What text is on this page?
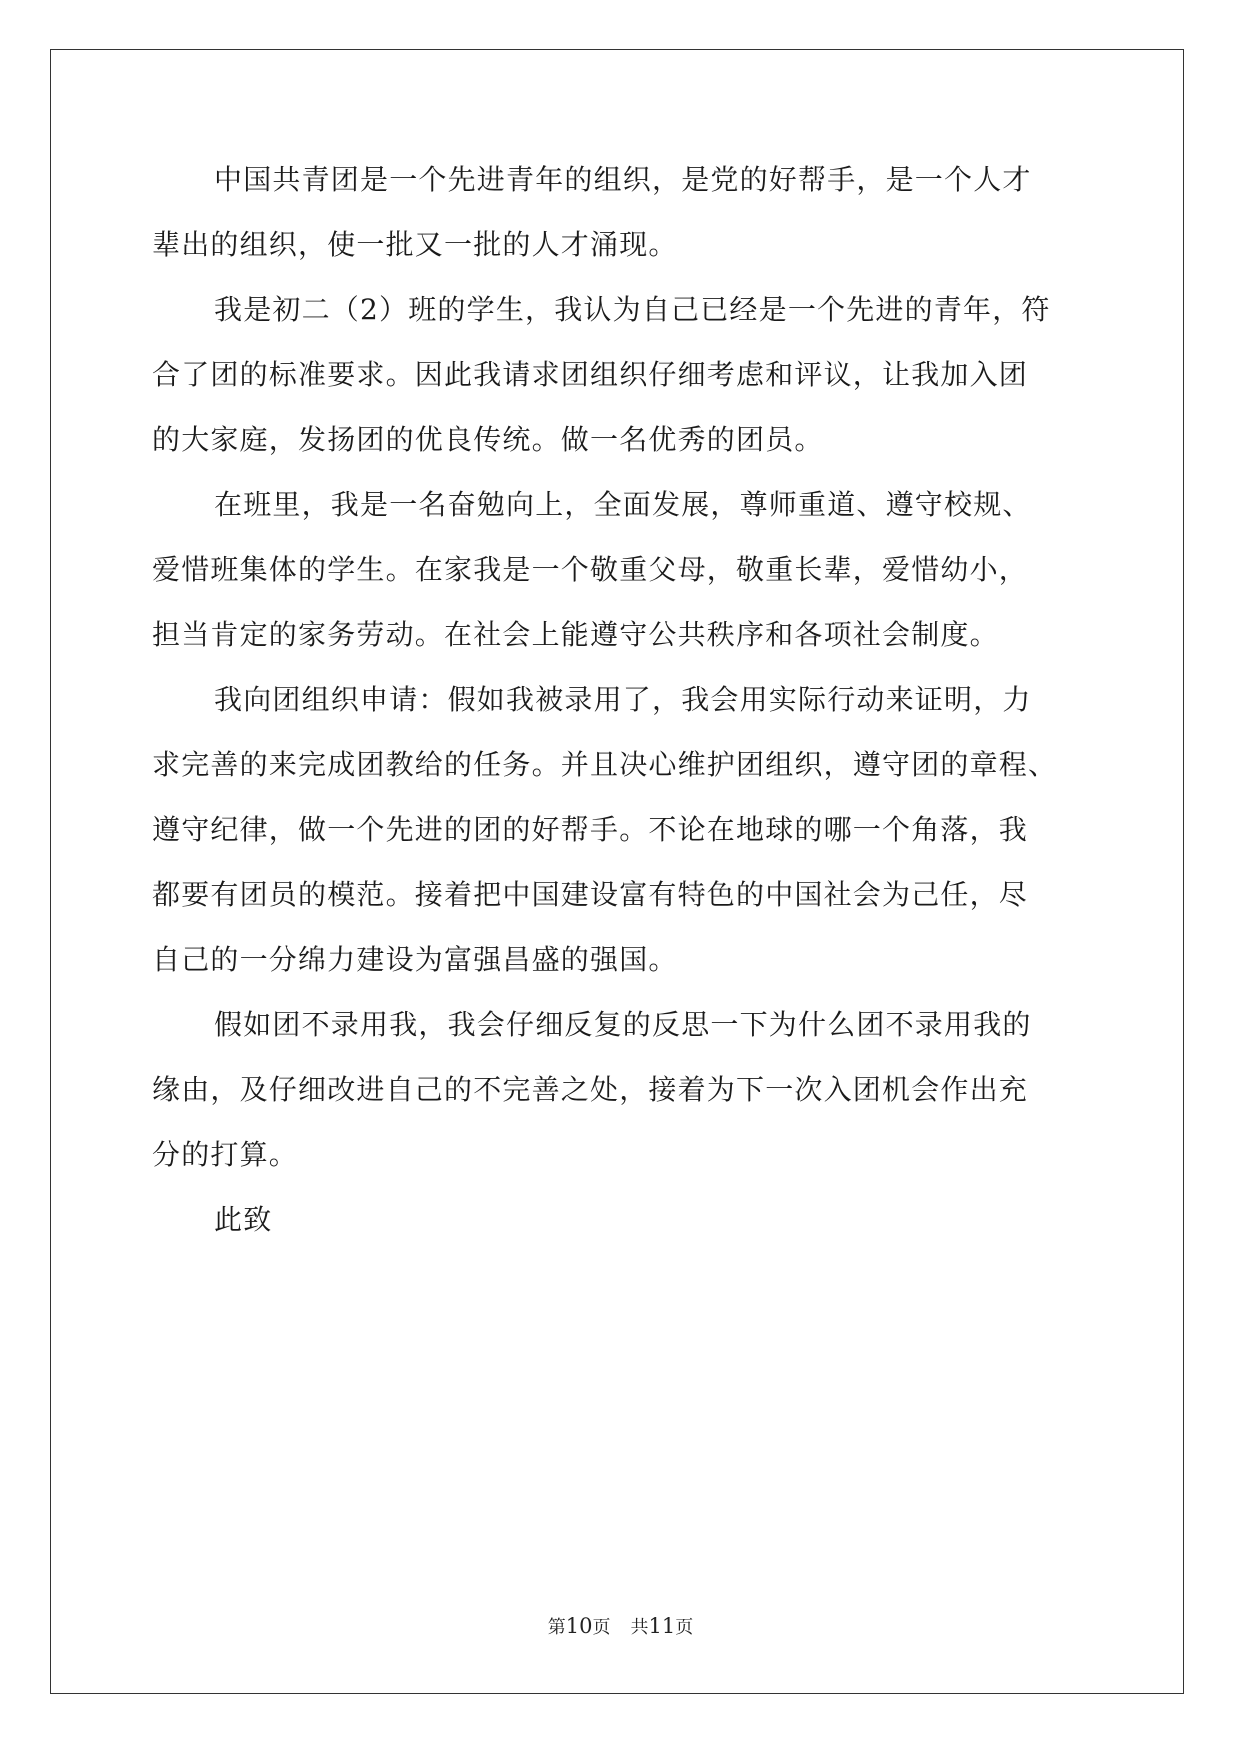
中国共青团是一个先进青年的组织，是党的好帮手，是一个人才
辈出的组织，使一批又一批的人才涌现。
我是初二（2）班的学生，我认为自己已经是一个先进的青年，符
合了团的标准要求。因此我请求团组织仔细考虑和评议，让我加入团
的大家庭，发扬团的优良传统。做一名优秀的团员。
在班里，我是一名奋勉向上，全面发展，尊师重道、遵守校规、
爱惜班集体的学生。在家我是一个敬重父母，敬重长辈，爱惜幼小，
担当肯定的家务劳动。在社会上能遵守公共秩序和各项社会制度。
我向团组织申请：假如我被录用了，我会用实际行动来证明，力
求完善的来完成团教给的任务。并且决心维护团组织，遵守团的章程、
遵守纪律，做一个先进的团的好帮手。不论在地球的哪一个角落，我
都要有团员的模范。接着把中国建设富有特色的中国社会为己任，尽
自己的一分绵力建设为富强昌盛的强国。
假如团不录用我，我会仔细反复的反思一下为什么团不录用我的
缘由，及仔细改进自己的不完善之处，接着为下一次入团机会作出充
分的打算。
此致
第10页 共11页
